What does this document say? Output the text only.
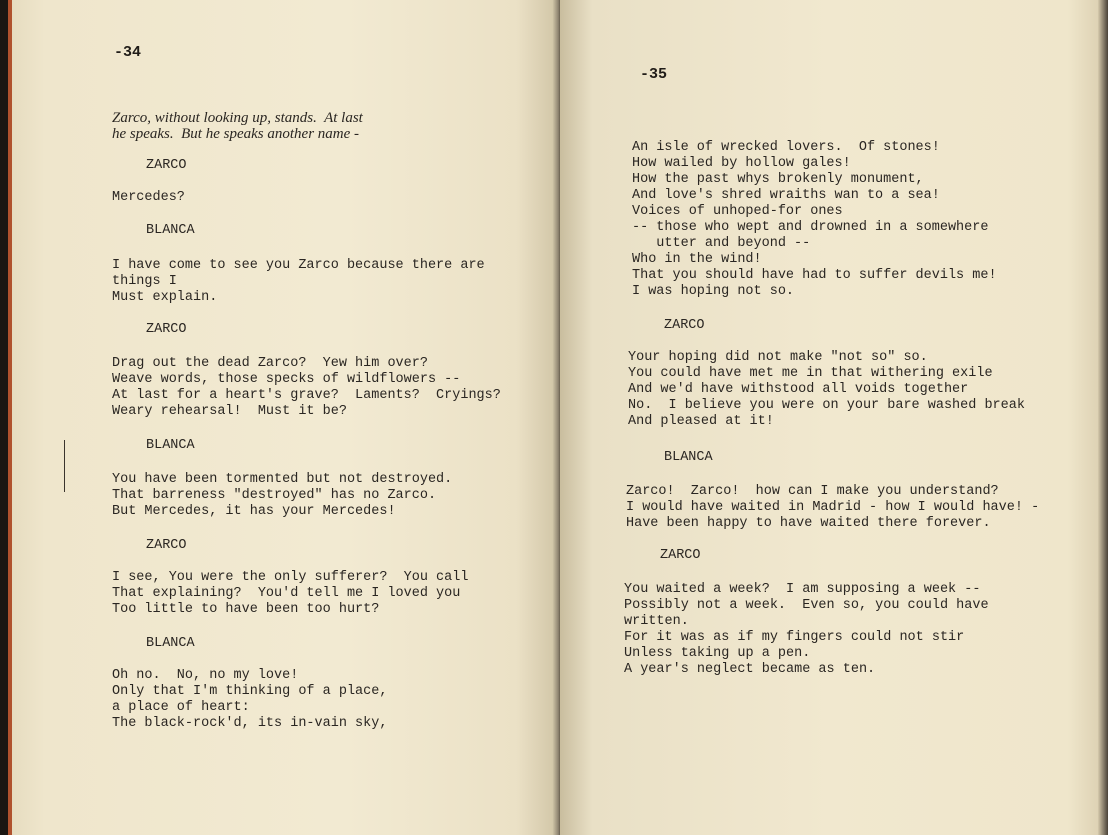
-34
Zarco, without looking up, stands.  At last
he speaks.  But he speaks another name -
ZARCO
Mercedes?
BLANCA
I have come to see you Zarco because there are
things I
Must explain.
ZARCO
Drag out the dead Zarco?  Yew him over?
Weave words, those specks of wildflowers --
At last for a heart's grave?  Laments?  Cryings?
Weary rehearsal!  Must it be?
BLANCA
You have been tormented but not destroyed.
That barreness "destroyed" has no Zarco.
But Mercedes, it has your Mercedes!
ZARCO
I see, You were the only sufferer?  You call
That explaining?  You'd tell me I loved you
Too little to have been too hurt?
BLANCA
Oh no.  No, no my love!
Only that I'm thinking of a place,
a place of heart:
The black-rock'd, its in-vain sky,
-35
An isle of wrecked lovers.  Of stones!
How wailed by hollow gales!
How the past whys brokenly monument,
And love's shred wraiths wan to a sea!
Voices of unhoped-for ones
-- those who wept and drowned in a somewhere
utter and beyond --
Who in the wind!
That you should have had to suffer devils me!
I was hoping not so.
ZARCO
Your hoping did not make "not so" so.
You could have met me in that withering exile
And we'd have withstood all voids together
No.  I believe you were on your bare washed break
And pleased at it!
BLANCA
Zarco!  Zarco!  how can I make you understand?
I would have waited in Madrid - how I would have! -
Have been happy to have waited there forever.
ZARCO
You waited a week?  I am supposing a week --
Possibly not a week.  Even so, you could have
written.
For it was as if my fingers could not stir
Unless taking up a pen.
A year's neglect became as ten.
